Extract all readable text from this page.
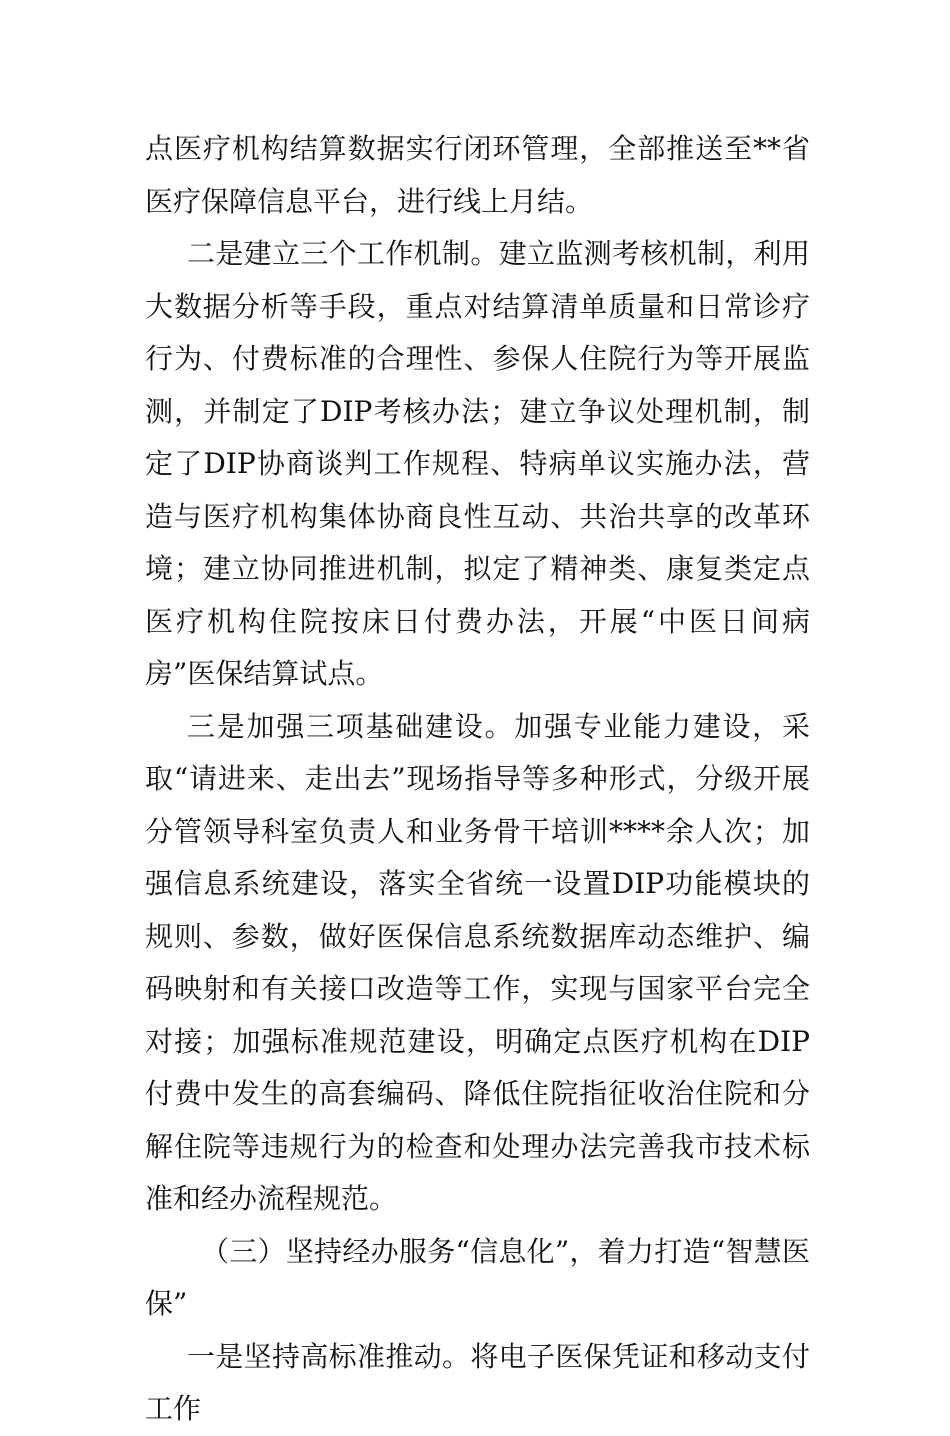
点医疗机构结算数据实行闭环管理，全部推送至**省医疗保障信息平台，进行线上月结。

二是建立三个工作机制。建立监测考核机制，利用大数据分析等手段，重点对结算清单质量和日常诊疗行为、付费标准的合理性、参保人住院行为等开展监测，并制定了DIP考核办法；建立争议处理机制，制定了DIP协商谈判工作规程、特病单议实施办法，营造与医疗机构集体协商良性互动、共治共享的改革环境；建立协同推进机制，拟定了精神类、康复类定点医疗机构住院按床日付费办法，开展“中医日间病房”医保结算试点。

三是加强三项基础建设。加强专业能力建设，采取“请进来、走出去”现场指导等多种形式，分级开展分管领导科室负责人和业务骨干培训****余人次；加强信息系统建设，落实全省统一设置DIP功能模块的规则、参数，做好医保信息系统数据库动态维护、编码映射和有关接口改造等工作，实现与国家平台完全对接；加强标准规范建设，明确定点医疗机构在DIP付费中发生的高套编码、降低住院指征收治住院和分解住院等违规行为的检查和处理办法完善我市技术标准和经办流程规范。

（三）坚持经办服务“信息化”，着力打造“智慧医保”

一是坚持高标准推动。将电子医保凭证和移动支付工作
